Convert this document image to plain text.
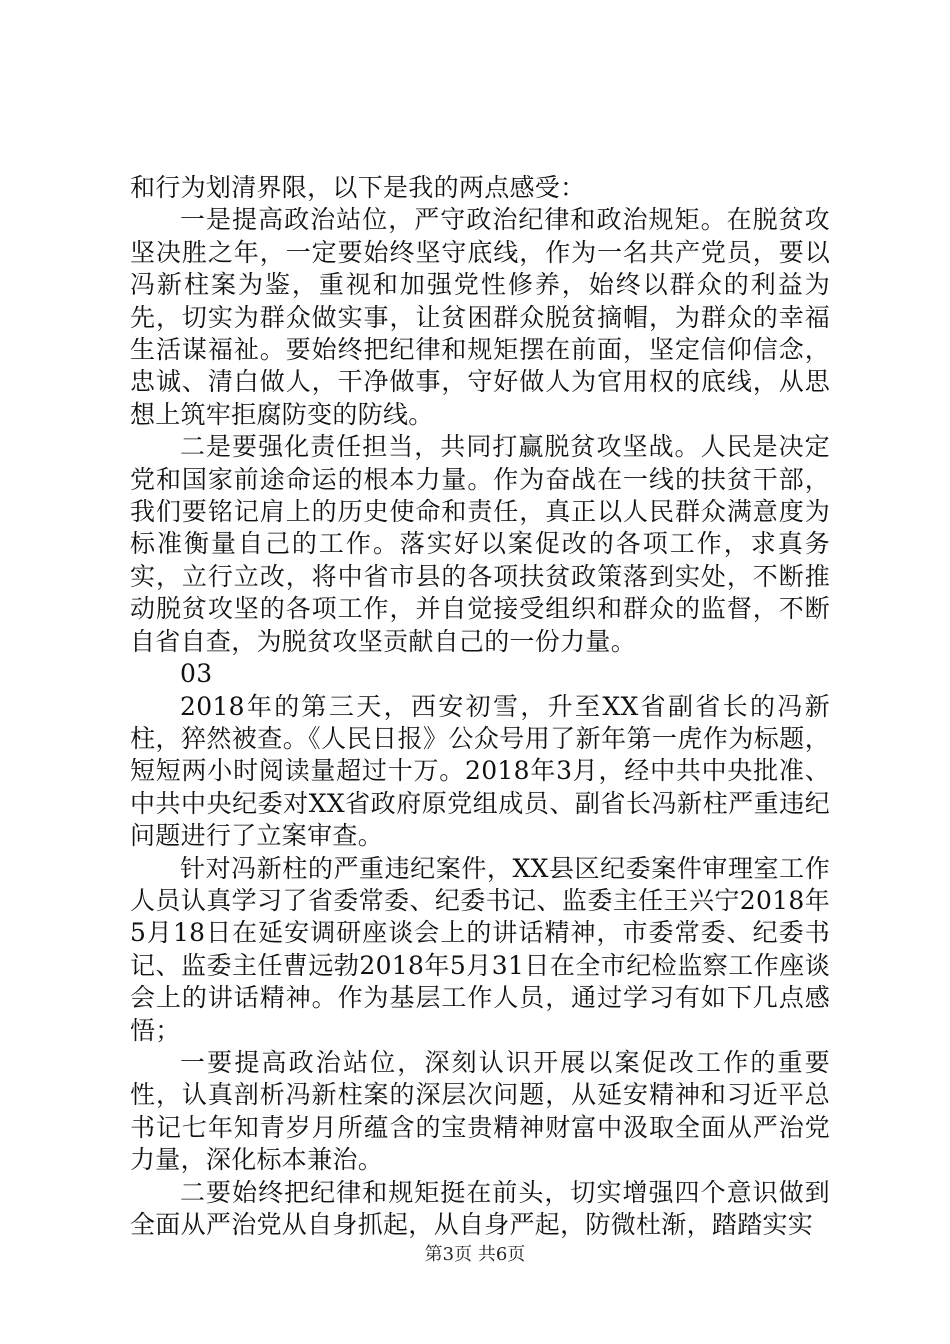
和行为划清界限，以下是我的两点感受：

一是提高政治站位，严守政治纪律和政治规矩。在脱贫攻坚决胜之年，一定要始终坚守底线，作为一名共产党员，要以冯新柱案为鉴，重视和加强党性修养，始终以群众的利益为先，切实为群众做实事，让贫困群众脱贫摘帽，为群众的幸福生活谋福祉。要始终把纪律和规矩摆在前面，坚定信仰信念，忠诚、清白做人，干净做事，守好做人为官用权的底线，从思想上筑牢拒腐防变的防线。

二是要强化责任担当，共同打赢脱贫攻坚战。人民是决定党和国家前途命运的根本力量。作为奋战在一线的扶贫干部，我们要铭记肩上的历史使命和责任，真正以人民群众满意度为标准衡量自己的工作。落实好以案促改的各项工作，求真务实，立行立改，将中省市县的各项扶贫政策落到实处，不断推动脱贫攻坚的各项工作，并自觉接受组织和群众的监督，不断自省自查，为脱贫攻坚贡献自己的一份力量。

03

2018年的第三天，西安初雪，升至XX省副省长的冯新柱，猝然被查。《人民日报》公众号用了新年第一虎作为标题，短短两小时阅读量超过十万。2018年3月，经中共中央批准、中共中央纪委对XX省政府原党组成员、副省长冯新柱严重违纪问题进行了立案审查。

针对冯新柱的严重违纪案件，XX县区纪委案件审理室工作人员认真学习了省委常委、纪委书记、监委主任王兴宁2018年5月18日在延安调研座谈会上的讲话精神，市委常委、纪委书记、监委主任曹远勃2018年5月31日在全市纪检监察工作座谈会上的讲话精神。作为基层工作人员，通过学习有如下几点感悟；

一要提高政治站位，深刻认识开展以案促改工作的重要性，认真剖析冯新柱案的深层次问题，从延安精神和习近平总书记七年知青岁月所蕴含的宝贵精神财富中汲取全面从严治党力量，深化标本兼治。

二要始终把纪律和规矩挺在前头，切实增强四个意识做到全面从严治党从自身抓起，从自身严起，防微杜渐，踏踏实实

第3页 共6页
